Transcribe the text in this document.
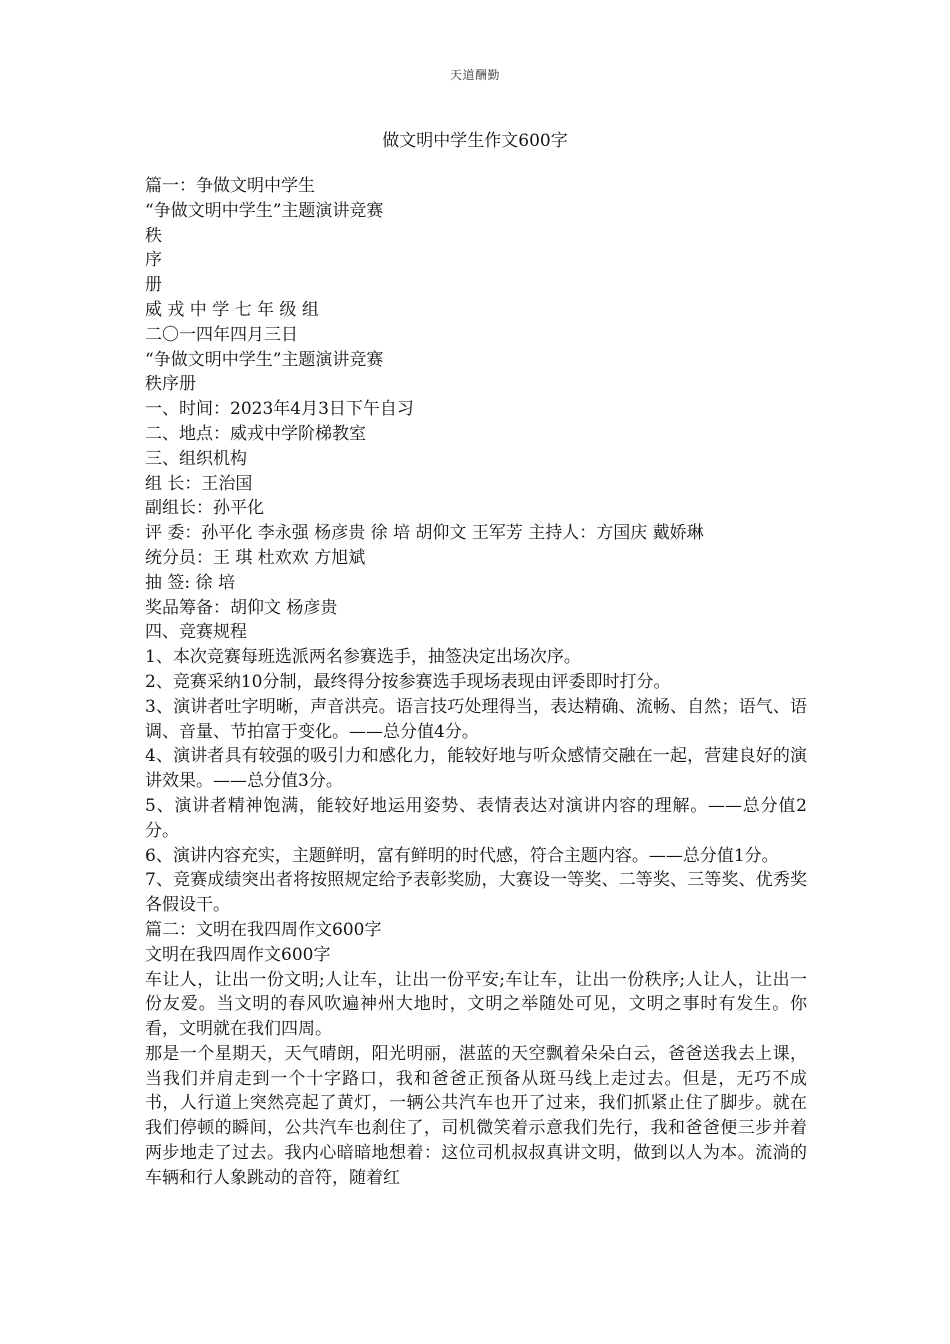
天道酬勤
做文明中学生作文600字
篇一：争做文明中学生
“争做文明中学生”主题演讲竞赛
秩
序
册
威 戎 中 学 七 年 级 组
二〇一四年四月三日
“争做文明中学生”主题演讲竞赛
秩序册
一、时间：2023年4月3日下午自习
二、地点：威戎中学阶梯教室
三、组织机构
组 长：王治国
副组长：孙平化
评 委：孙平化 李永强 杨彦贵 徐 培 胡仰文 王军芳 主持人：方国庆 戴娇琳
统分员：王 琪 杜欢欢 方旭斌
抽 签: 徐 培
奖品筹备：胡仰文 杨彦贵
四、竞赛规程
1、本次竞赛每班选派两名参赛选手，抽签决定出场次序。
2、竞赛采纳10分制，最终得分按参赛选手现场表现由评委即时打分。
3、演讲者吐字明晰，声音洪亮。语言技巧处理得当，表达精确、流畅、自然；语气、语调、音量、节拍富于变化。——总分值4分。
4、演讲者具有较强的吸引力和感化力，能较好地与听众感情交融在一起，营建良好的演讲效果。——总分值3分。
5、演讲者精神饱满，能较好地运用姿势、表情表达对演讲内容的理解。——总分值2分。
6、演讲内容充实，主题鲜明，富有鲜明的时代感，符合主题内容。——总分值1分。
7、竞赛成绩突出者将按照规定给予表彰奖励，大赛设一等奖、二等奖、三等奖、优秀奖各假设干。
篇二：文明在我四周作文600字
文明在我四周作文600字
车让人，让出一份文明;人让车，让出一份平安;车让车，让出一份秩序;人让人，让出一份友爱。当文明的春风吹遍神州大地时，文明之举随处可见，文明之事时有发生。你看，文明就在我们四周。
那是一个星期天，天气晴朗，阳光明丽，湛蓝的天空飘着朵朵白云，爸爸送我去上课，当我们并肩走到一个十字路口，我和爸爸正预备从斑马线上走过去。但是，无巧不成书，人行道上突然亮起了黄灯，一辆公共汽车也开了过来，我们抓紧止住了脚步。就在我们停顿的瞬间，公共汽车也刹住了，司机微笑着示意我们先行，我和爸爸便三步并着两步地走了过去。我内心暗暗地想着：这位司机叔叔真讲文明，做到以人为本。流淌的车辆和行人象跳动的音符，随着红
